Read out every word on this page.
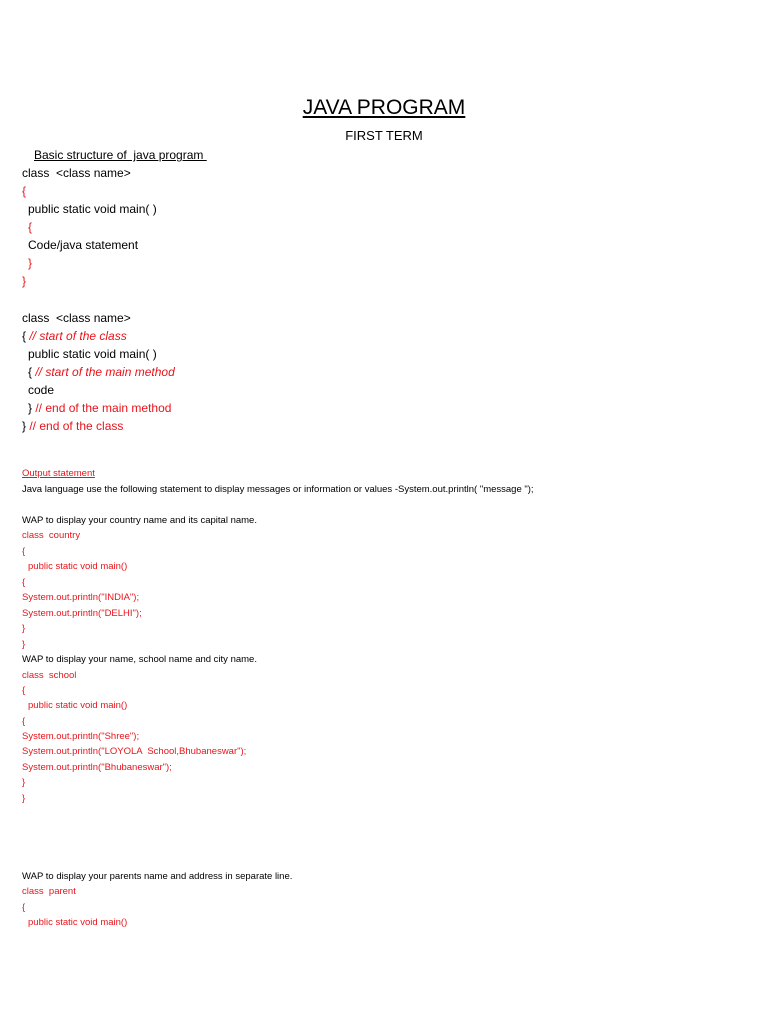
JAVA PROGRAM
FIRST TERM
Basic structure of  java program
class  <class name>
{
public static void main( )
{
Code/java statement
}
}
class  <class name>
{ // start of the class
public static void main( )
{ // start of the main method
code
} // end of the main method
} // end of the class
Output statement
Java language use the following statement to display messages or information or values -System.out.println( "message ");
WAP to display your country name and its capital name.
class  country
{
public static void main()
{
System.out.println("INDIA");
System.out.println("DELHI");
}
}
WAP to display your name, school name and city name.
class  school
{
public static void main()
{
System.out.println("Shree");
System.out.println("LOYOLA  School,Bhubaneswar");
System.out.println("Bhubaneswar");
}
}
WAP to display your parents name and address in separate line.
class  parent
{
public static void main()
